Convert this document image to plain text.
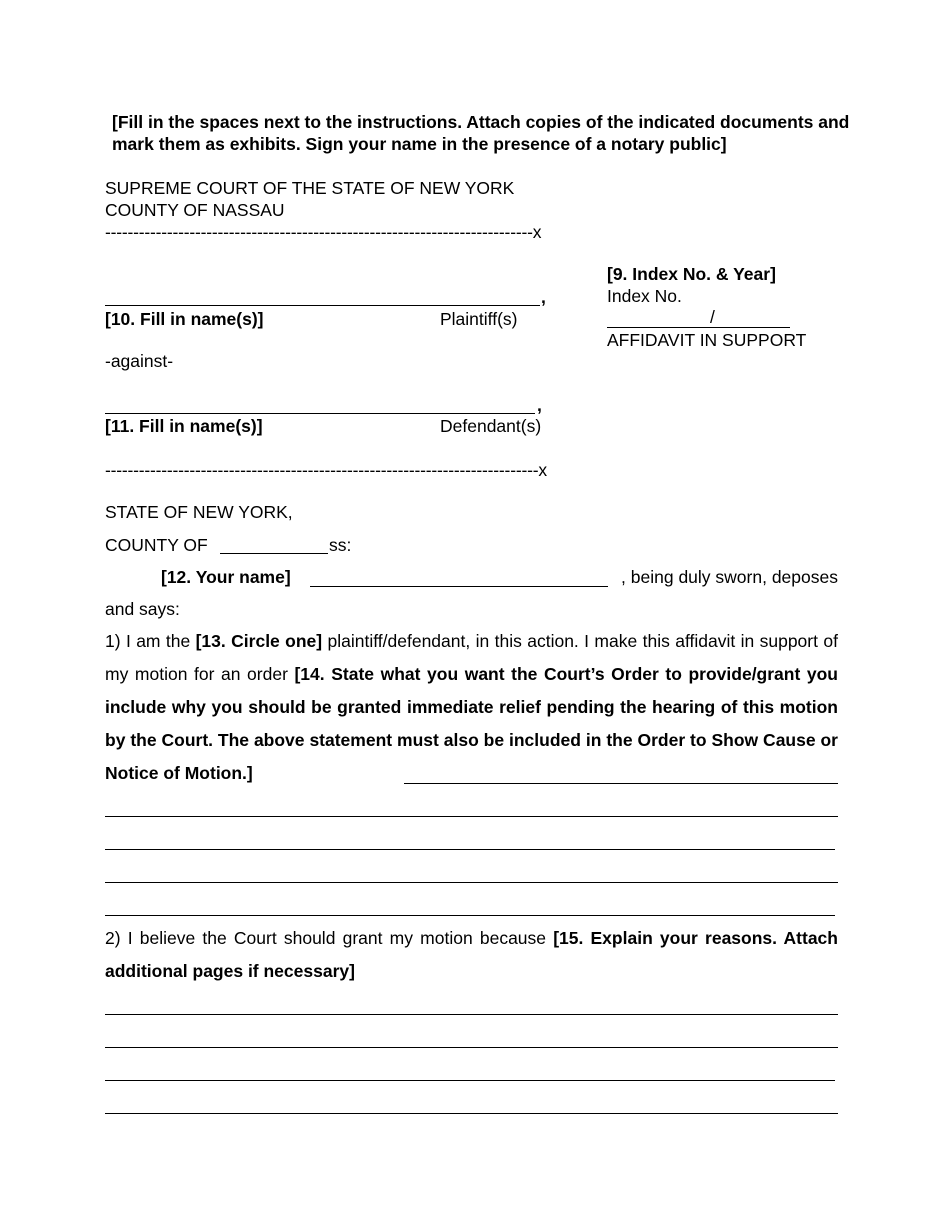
[Fill in the spaces next to the instructions. Attach copies of the indicated documents and mark them as exhibits. Sign your name in the presence of a notary public]
SUPREME COURT OF THE STATE OF NEW YORK
COUNTY OF NASSAU
----------------------------------------------------------------------------x
[9. Index No. & Year]
Index No.
/
AFFIDAVIT IN SUPPORT
,
[10. Fill in name(s)]	Plaintiff(s)
-against-
,
[11. Fill in name(s)]	Defendant(s)
-----------------------------------------------------------------------------x
STATE OF NEW YORK,
COUNTY OF	ss:
[12. Your name]	, being duly sworn, deposes
and says:
1) I am the [13. Circle one] plaintiff/defendant, in this action. I make this affidavit in support of my motion for an order [14. State what you want the Court’s Order to provide/grant you include why you should be granted immediate relief pending the hearing of this motion by the Court. The above statement must also be included in the Order to Show Cause or Notice of Motion.]
2) I believe the Court should grant my motion because [15. Explain your reasons. Attach additional pages if necessary]
